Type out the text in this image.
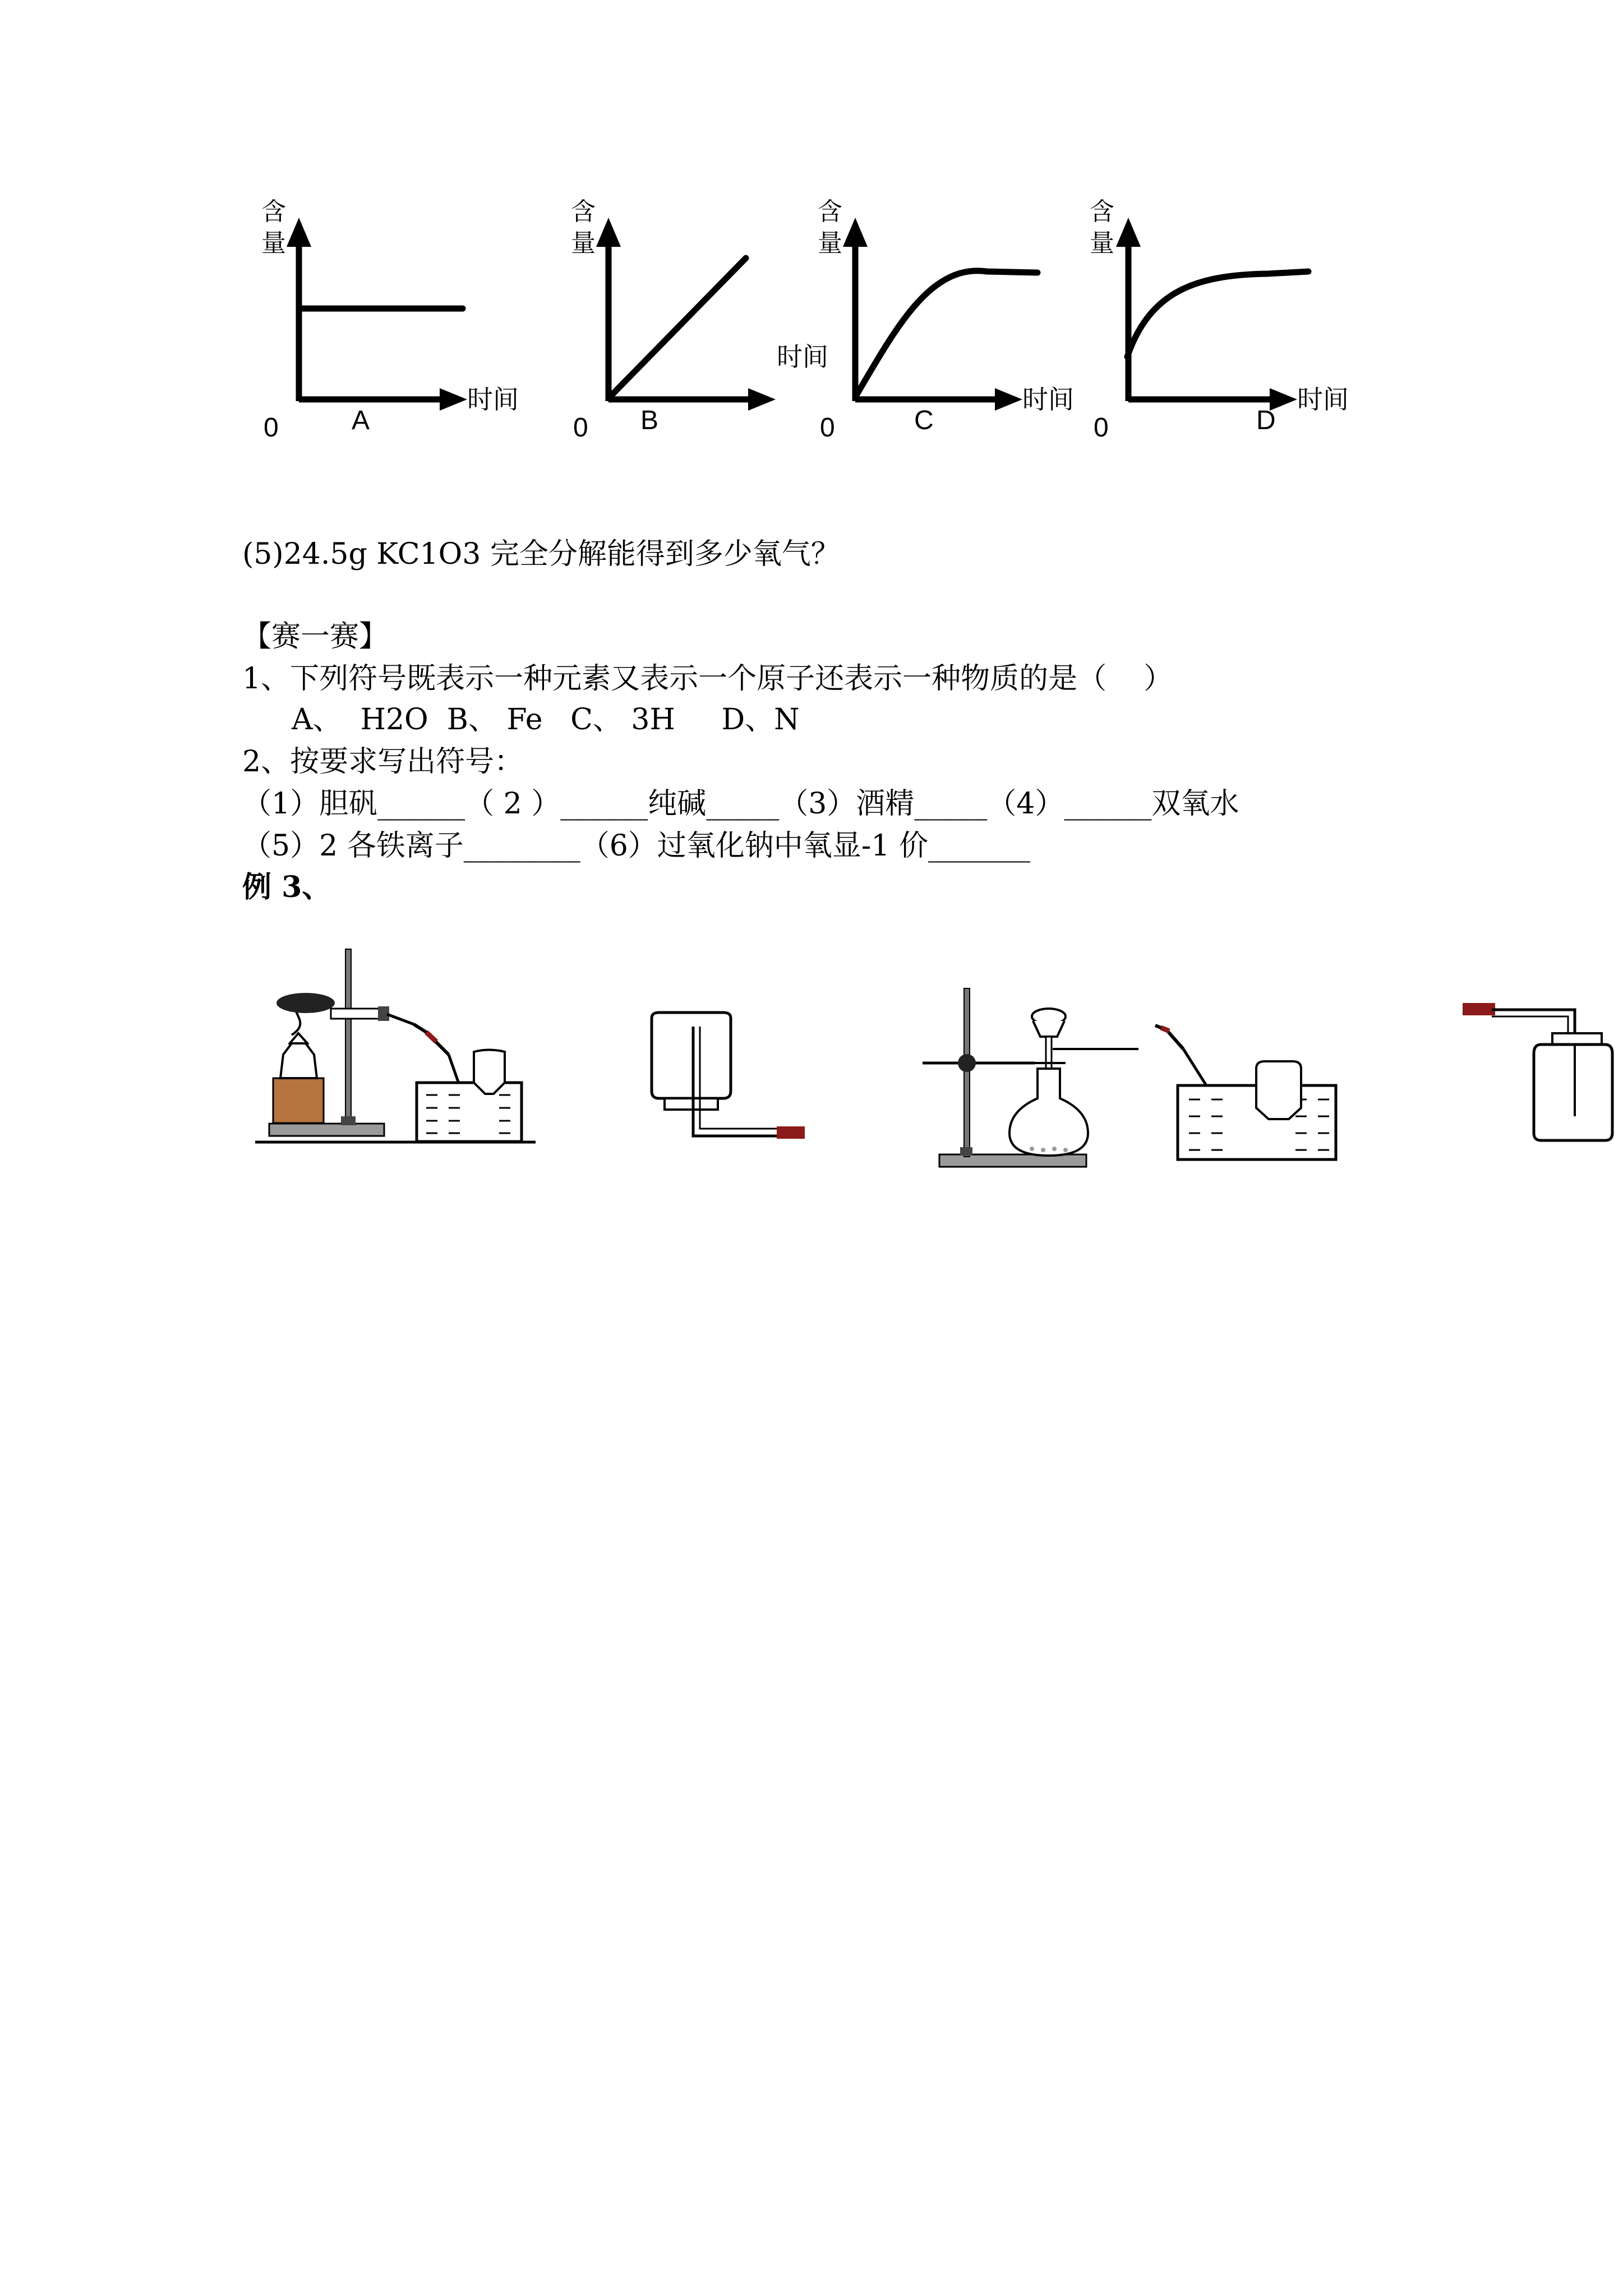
含
量
时间
0	A
含
量
0 B
含
量
时间
时间
0	C
含
量
时间
0	D
(5)24.5g KC1O3 完全分解能得到多少氧气？
【赛一赛】
1、下列符号既表示一种元素又表示一个原子还表示一种物质的是（    ）
A、  H2O  B、 Fe   C、 3H     D、N
2、按要求写出符号：
（1）胆矾______（ 2 ）______纯碱_____（3）酒精_____（4）______双氧水
（5）2 各铁离子________（6）过氧化钠中氧显-1 价_______
例 3、
